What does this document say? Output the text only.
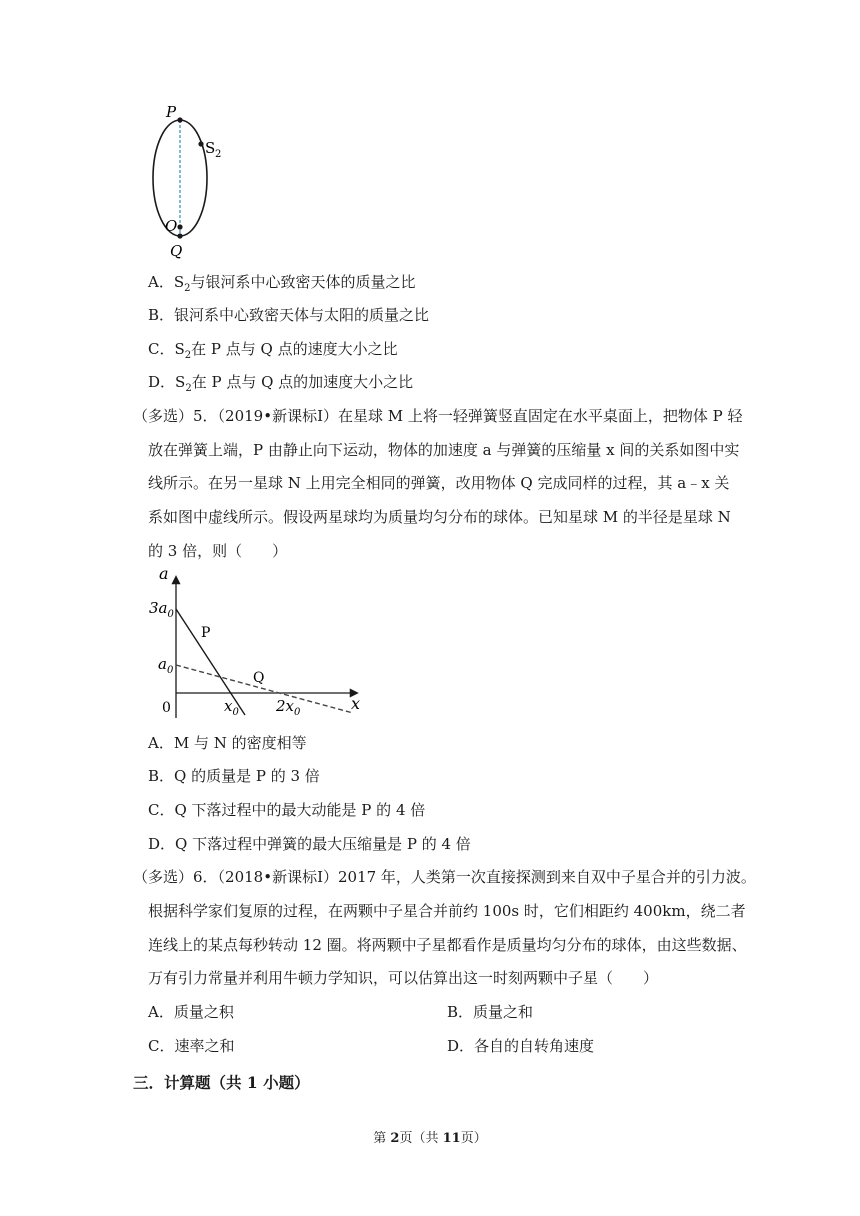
P
S 2
O
Q
A．$S_2$与银河系中心致密天体的质量之比
B．银河系中心致密天体与太阳的质量之比
C．$S_2$在 P 点与 Q 点的速度大小之比
D．$S_2$在 P 点与 Q 点的加速度大小之比
（多选）5．（2019•新课标Ⅰ）在星球 M 上将一轻弹簧竖直固定在水平桌面上，把物体 P 轻
放在弹簧上端，P 由静止向下运动，物体的加速度 a 与弹簧的压缩量 x 间的关系如图中实
线所示。在另一星球 N 上用完全相同的弹簧，改用物体 Q 完成同样的过程，其 a﹣x 关
系如图中虚线所示。假设两星球均为质量均匀分布的球体。已知星球 M 的半径是星球 N
的 3 倍，则（　　）
a
$3a_0$
$a_0$
0	$x_0$ $2x_0$	x
P
Q
A．M 与 N 的密度相等
B．Q 的质量是 P 的 3 倍
C．Q 下落过程中的最大动能是 P 的 4 倍
D．Q 下落过程中弹簧的最大压缩量是 P 的 4 倍
（多选）6．（2018•新课标Ⅰ）2017 年，人类第一次直接探测到来自双中子星合并的引力波。
根据科学家们复原的过程，在两颗中子星合并前约 100s 时，它们相距约 400km，绕二者
连线上的某点每秒转动 12 圈。将两颗中子星都看作是质量均匀分布的球体，由这些数据、
万有引力常量并利用牛顿力学知识，可以估算出这一时刻两颗中子星（　　）
A．质量之积	B．质量之和
C．速率之和	D．各自的自转角速度
三．计算题（共 1 小题）
第 2页（共 11页）
